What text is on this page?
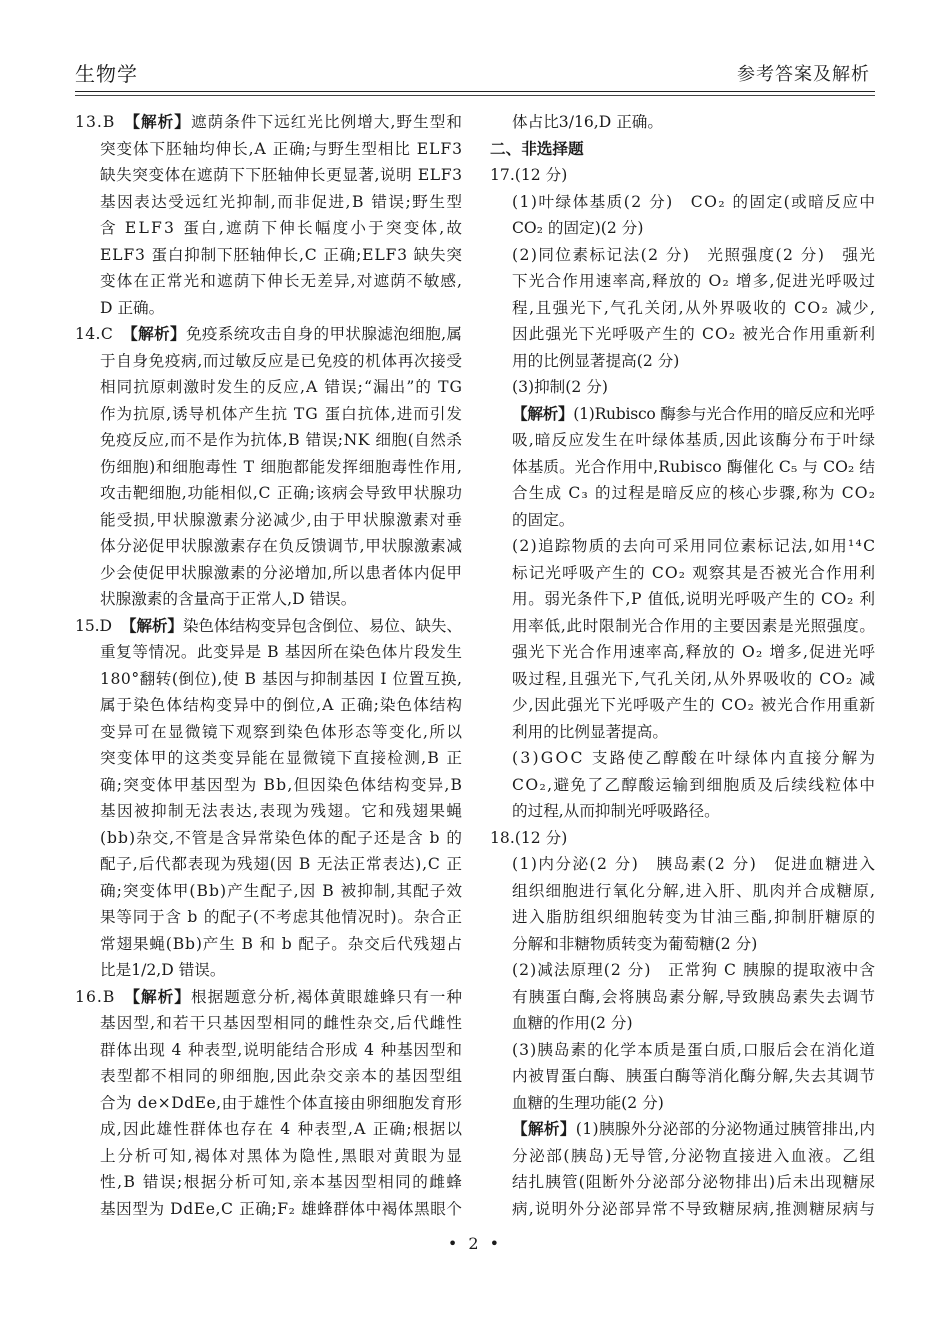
生物学	参考答案及解析
13.B 【解析】遮荫条件下远红光比例增大,野生型和
突变体下胚轴均伸长,A 正确;与野生型相比 ELF3
缺失突变体在遮荫下下胚轴伸长更显著,说明 ELF3
基因表达受远红光抑制,而非促进,B 错误;野生型
含 ELF3 蛋白,遮荫下伸长幅度小于突变体,故
ELF3 蛋白抑制下胚轴伸长,C 正确;ELF3 缺失突
变体在正常光和遮荫下伸长无差异,对遮荫不敏感,
D 正确。
14.C 【解析】免疫系统攻击自身的甲状腺滤泡细胞,属
于自身免疫病,而过敏反应是已免疫的机体再次接受
相同抗原刺激时发生的反应,A 错误;“漏出”的 TG
作为抗原,诱导机体产生抗 TG 蛋白抗体,进而引发
免疫反应,而不是作为抗体,B 错误;NK 细胞(自然杀
伤细胞)和细胞毒性 T 细胞都能发挥细胞毒性作用,
攻击靶细胞,功能相似,C 正确;该病会导致甲状腺功
能受损,甲状腺激素分泌减少,由于甲状腺激素对垂
体分泌促甲状腺激素存在负反馈调节,甲状腺激素减
少会使促甲状腺激素的分泌增加,所以患者体内促甲
状腺激素的含量高于正常人,D 错误。
15.D 【解析】染色体结构变异包含倒位、易位、缺失、
重复等情况。此变异是 B 基因所在染色体片段发生
180°翻转(倒位),使 B 基因与抑制基因 I 位置互换,
属于染色体结构变异中的倒位,A 正确;染色体结构
变异可在显微镜下观察到染色体形态等变化,所以
突变体甲的这类变异能在显微镜下直接检测,B 正
确;突变体甲基因型为 Bb,但因染色体结构变异,B
基因被抑制无法表达,表现为残翅。它和残翅果蝇
(bb)杂交,不管是含异常染色体的配子还是含 b 的
配子,后代都表现为残翅(因 B 无法正常表达),C 正
确;突变体甲(Bb)产生配子,因 B 被抑制,其配子效
果等同于含 b 的配子(不考虑其他情况时)。杂合正
常翅果蝇(Bb)产生 B 和 b 配子。杂交后代残翅占
比是1/2,D 错误。
16.B 【解析】根据题意分析,褐体黄眼雄蜂只有一种
基因型,和若干只基因型相同的雌性杂交,后代雌性
群体出现 4 种表型,说明能结合形成 4 种基因型和
表型都不相同的卵细胞,因此杂交亲本的基因型组
合为 de×DdEe,由于雄性个体直接由卵细胞发育形
成,因此雄性群体也存在 4 种表型,A 正确;根据以
上分析可知,褐体对黑体为隐性,黑眼对黄眼为显
性,B 错误;根据分析可知,亲本基因型相同的雌蜂
基因型为 DdEe,C 正确;F₂ 雄蜂群体中褐体黑眼个
体占比3/16,D 正确。
二、非选择题
17.(12 分)
(1)叶绿体基质(2 分)　CO₂ 的固定(或暗反应中
CO₂ 的固定)(2 分)
(2)同位素标记法(2 分)　光照强度(2 分)　强光
下光合作用速率高,释放的 O₂ 增多,促进光呼吸过
程,且强光下,气孔关闭,从外界吸收的 CO₂ 减少,
因此强光下光呼吸产生的 CO₂ 被光合作用重新利
用的比例显著提高(2 分)
(3)抑制(2 分)
【解析】(1)Rubisco 酶参与光合作用的暗反应和光呼
吸,暗反应发生在叶绿体基质,因此该酶分布于叶绿
体基质。光合作用中,Rubisco 酶催化 C₅ 与 CO₂ 结
合生成 C₃ 的过程是暗反应的核心步骤,称为 CO₂
的固定。
(2)追踪物质的去向可采用同位素标记法,如用¹⁴C
标记光呼吸产生的 CO₂ 观察其是否被光合作用利
用。弱光条件下,P 值低,说明光呼吸产生的 CO₂ 利
用率低,此时限制光合作用的主要因素是光照强度。
强光下光合作用速率高,释放的 O₂ 增多,促进光呼
吸过程,且强光下,气孔关闭,从外界吸收的 CO₂ 减
少,因此强光下光呼吸产生的 CO₂ 被光合作用重新
利用的比例显著提高。
(3)GOC 支路使乙醇酸在叶绿体内直接分解为
CO₂,避免了乙醇酸运输到细胞质及后续线粒体中
的过程,从而抑制光呼吸路径。
18.(12 分)
(1)内分泌(2 分)　胰岛素(2 分)　促进血糖进入
组织细胞进行氧化分解,进入肝、肌肉并合成糖原,
进入脂肪组织细胞转变为甘油三酯,抑制肝糖原的
分解和非糖物质转变为葡萄糖(2 分)
(2)减法原理(2 分)　正常狗 C 胰腺的提取液中含
有胰蛋白酶,会将胰岛素分解,导致胰岛素失去调节
血糖的作用(2 分)
(3)胰岛素的化学本质是蛋白质,口服后会在消化道
内被胃蛋白酶、胰蛋白酶等消化酶分解,失去其调节
血糖的生理功能(2 分)
【解析】(1)胰腺外分泌部的分泌物通过胰管排出,内
分泌部(胰岛)无导管,分泌物直接进入血液。乙组
结扎胰管(阻断外分泌部分泌物排出)后未出现糖尿
病,说明外分泌部异常不导致糖尿病,推测糖尿病与
• 2 •
